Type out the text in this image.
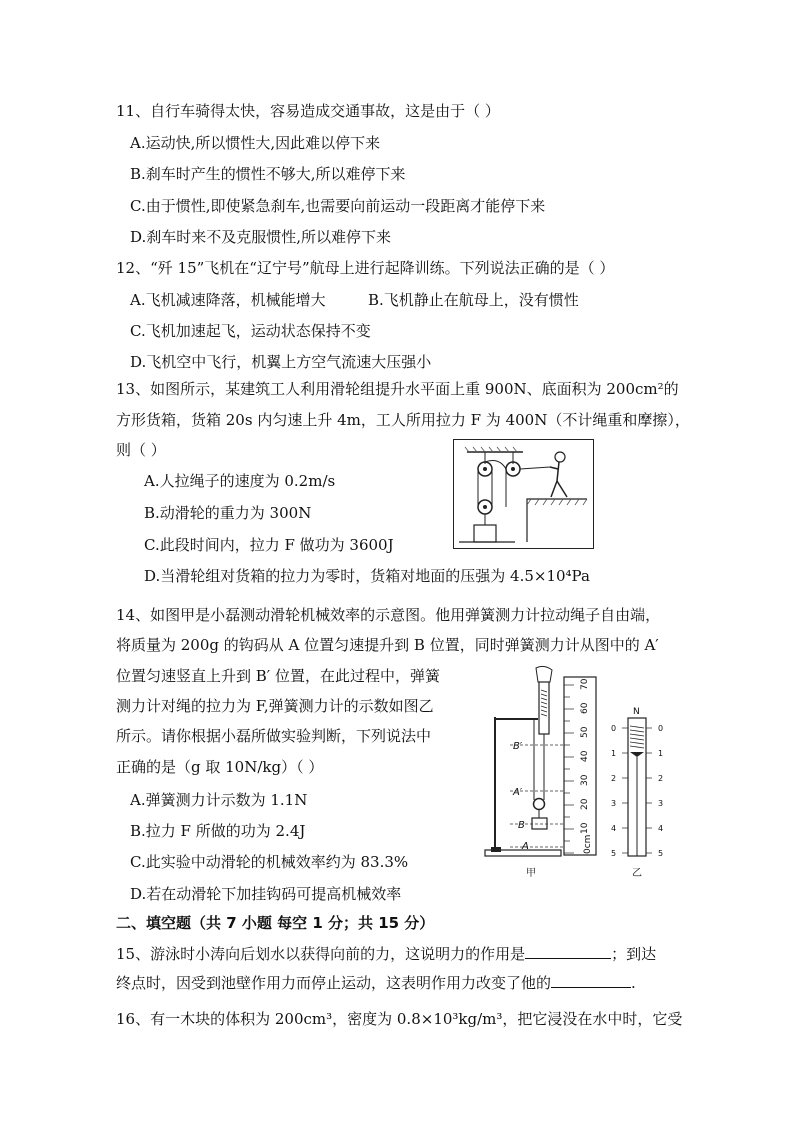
11、自行车骑得太快，容易造成交通事故，这是由于（ ）
A.运动快,所以惯性大,因此难以停下来
B.刹车时产生的惯性不够大,所以难停下来
C.由于惯性,即使紧急刹车,也需要向前运动一段距离才能停下来
D.刹车时来不及克服惯性,所以难停下来
12、“歼 15”飞机在“辽宁号”航母上进行起降训练。下列说法正确的是（ ）
A.飞机减速降落，机械能增大	B.飞机静止在航母上，没有惯性
C.飞机加速起飞，运动状态保持不变
D.飞机空中飞行，机翼上方空气流速大压强小
13、如图所示，某建筑工人利用滑轮组提升水平面上重 900N、底面积为 200cm²的
方形货箱，货箱 20s 内匀速上升 4m，工人所用拉力 F 为 400N（不计绳重和摩擦），
则（ ）
A.人拉绳子的速度为 0.2m/s
B.动滑轮的重力为 300N
C.此段时间内，拉力 F 做功为 3600J
D.当滑轮组对货箱的拉力为零时，货箱对地面的压强为 4.5×10⁴Pa
14、如图甲是小磊测动滑轮机械效率的示意图。他用弹簧测力计拉动绳子自由端，
将质量为 200g 的钩码从 A 位置匀速提升到 B 位置，同时弹簧测力计从图中的 A′
位置匀速竖直上升到 B′ 位置，在此过程中，弹簧
测力计对绳的拉力为 F,弹簧测力计的示数如图乙
所示。请你根据小磊所做实验判断，下列说法中
正确的是（g 取 10N/kg）（ ）
A.弹簧测力计示数为 1.1N
B.拉力 F 所做的功为 2.4J
C.此实验中动滑轮的机械效率约为 83.3%
D.若在动滑轮下加挂钩码可提高机械效率
B′
A′
B
A	0cm
10
20
30
40
50
60
70
N
0
1
2
3
4
5
0
1
2
3
4
5
甲	乙
二、填空题（共 7 小题 每空 1 分；共 15 分）
15、游泳时小涛向后划水以获得向前的力，这说明力的作用是	；到达
终点时，因受到池壁作用力而停止运动，这表明作用力改变了他的	.
16、有一木块的体积为 200cm³，密度为 0.8×10³kg/m³，把它浸没在水中时，它受
